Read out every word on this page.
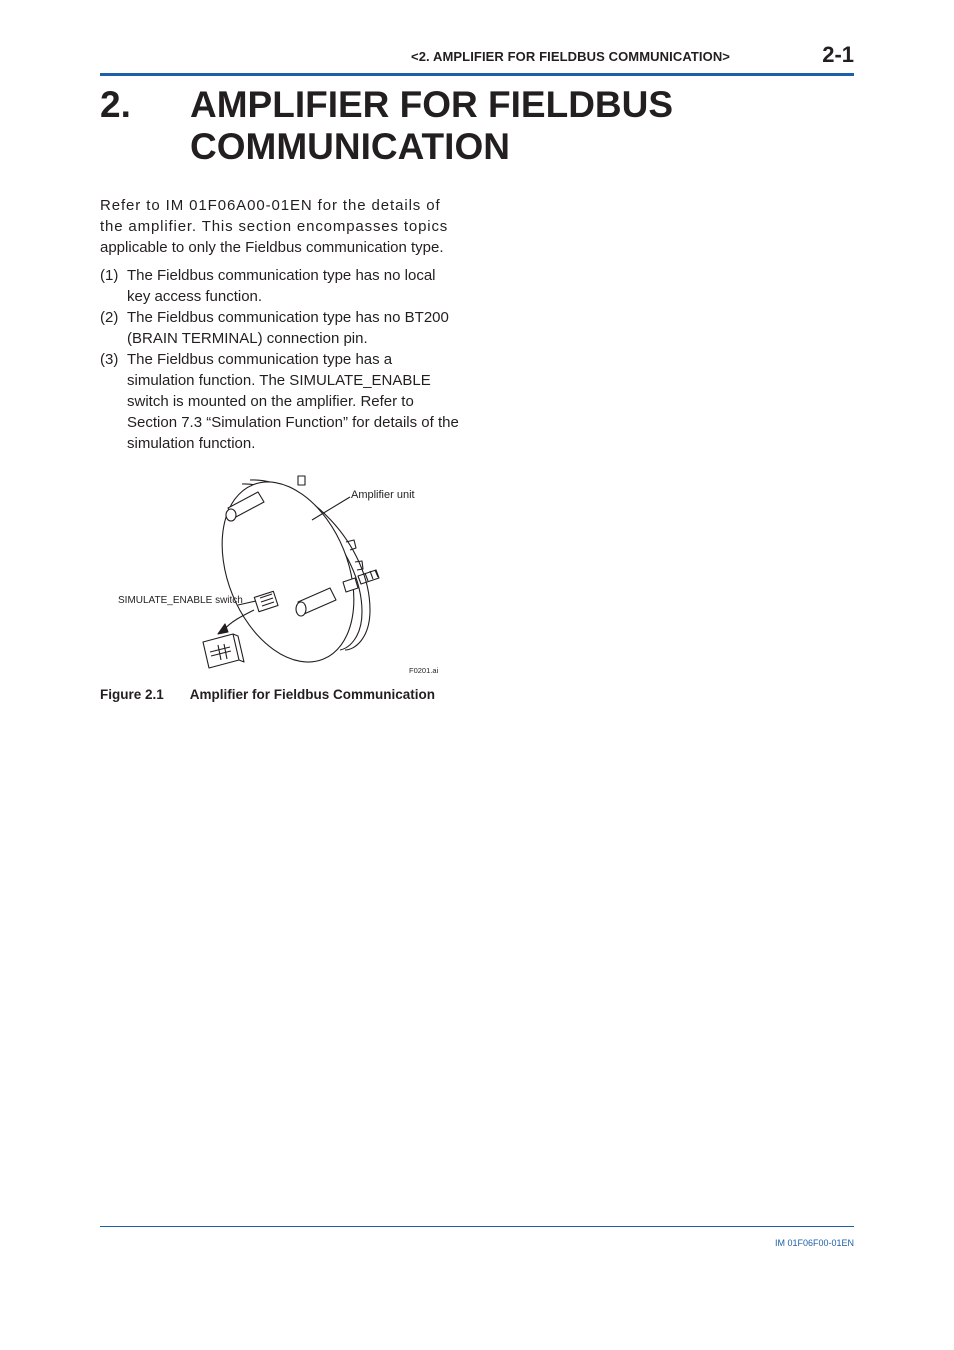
<2. AMPLIFIER FOR FIELDBUS COMMUNICATION>	2-1
2. AMPLIFIER FOR FIELDBUS
COMMUNICATION
Refer to IM 01F06A00-01EN for the details of
the amplifier. This section encompasses topics
applicable to only the Fieldbus communication type.
(1) The Fieldbus communication type has no local key access function.
(2) The Fieldbus communication type has no BT200 (BRAIN TERMINAL) connection pin.
(3) The Fieldbus communication type has a simulation function. The SIMULATE_ENABLE switch is mounted on the amplifier. Refer to Section 7.3 “Simulation Function” for details of the simulation function.
Amplifier unit
SIMULATE_ENABLE switch
F0201.ai
Figure 2.1 Amplifier for Fieldbus Communication
IM 01F06F00-01EN
